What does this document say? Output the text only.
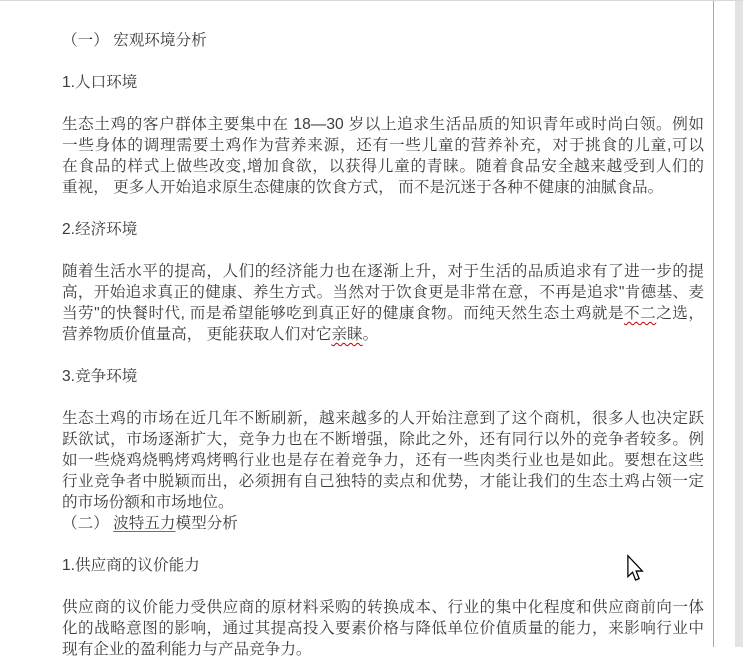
（一） 宏观环境分析
1.人口环境
生态土鸡的客户群体主要集中在 18—30 岁以上追求生活品质的知识青年或时尚白领。例如
一些身体的调理需要土鸡作为营养来源，还有一些儿童的营养补充，对于挑食的儿童,可以
在食品的样式上做些改变,增加食欲，以获得儿童的青睐。随着食品安全越来越受到人们的
重视， 更多人开始追求原生态健康的饮食方式， 而不是沉迷于各种不健康的油腻食品。
2.经济环境
随着生活水平的提高，人们的经济能力也在逐渐上升，对于生活的品质追求有了进一步的提
高，开始追求真正的健康、养生方式。当然对于饮食更是非常在意，不再是追求"肯德基、麦
当劳"的快餐时代, 而是希望能够吃到真正好的健康食物。而纯天然生态土鸡就是不二之选，
营养物质价值量高， 更能获取人们对它亲睐。
3.竞争环境
生态土鸡的市场在近几年不断刷新，越来越多的人开始注意到了这个商机，很多人也决定跃
跃欲试，市场逐渐扩大，竞争力也在不断增强，除此之外，还有同行以外的竞争者较多。例
如一些烧鸡烧鸭烤鸡烤鸭行业也是存在着竞争力，还有一些肉类行业也是如此。要想在这些
行业竞争者中脱颖而出，必须拥有自己独特的卖点和优势，才能让我们的生态土鸡占领一定
的市场份额和市场地位。
（二） 波特五力模型分析
1.供应商的议价能力
供应商的议价能力受供应商的原材料采购的转换成本、行业的集中化程度和供应商前向一体
化的战略意图的影响，通过其提高投入要素价格与降低单位价值质量的能力，来影响行业中
现有企业的盈利能力与产品竞争力。
